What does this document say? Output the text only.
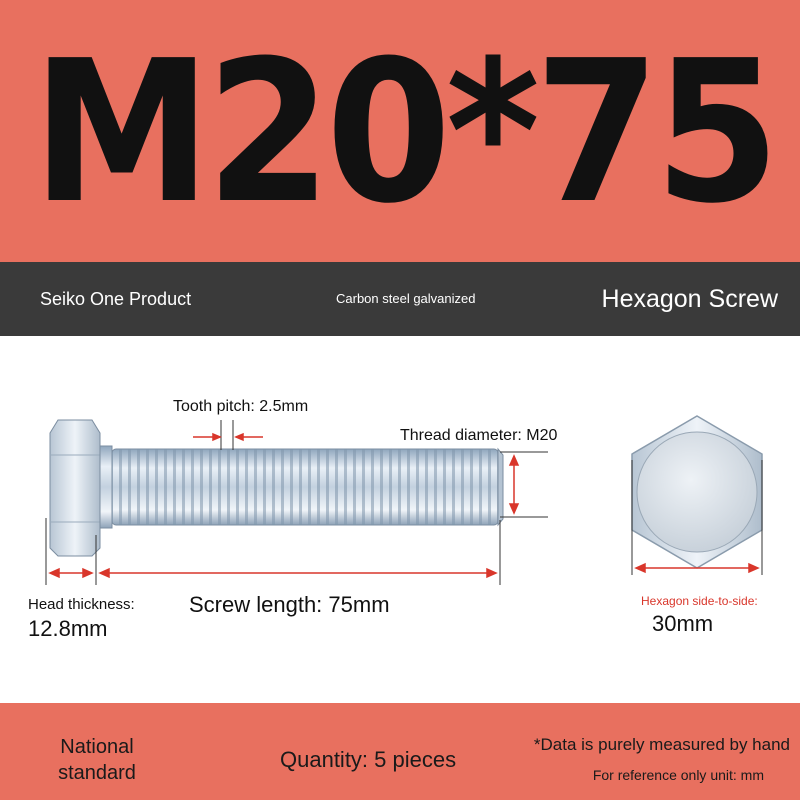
M20*75
Seiko One Product	Carbon steel galvanized	Hexagon Screw
Tooth pitch: 2.5mm
Thread diameter: M20
Head thickness:
12.8mm
Screw length: 75mm	Hexagon side-to-side:
30mm
National standard
Quantity: 5 pieces
*Data is purely measured by hand
For reference only unit: mm
